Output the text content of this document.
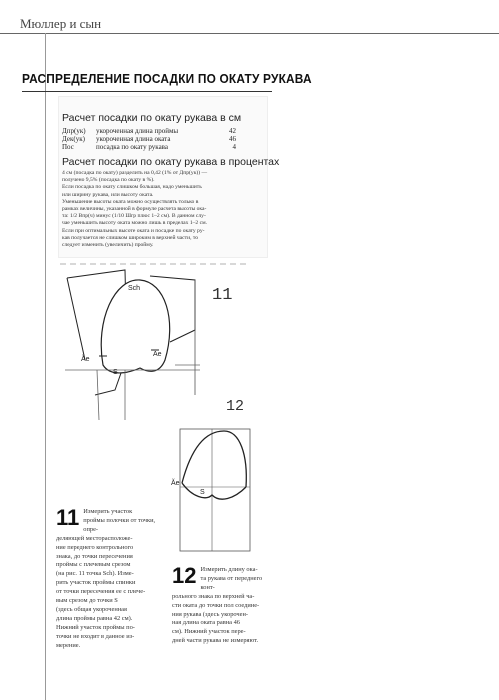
Мюллер и сын
РАСПРЕДЕЛЕНИЕ ПОСАДКИ ПО ОКАТУ РУКАВА
Расчет посадки по окату рукава в см
Дпр(ук)	укороченная длина проймы	42
Дек(ук)	укороченная длина оката	46
Пос	посадка по окату рукава	4
Расчет посадки по окату рукава в процентах
4 см (посадка по окату) разделить на 0,42 (1% от Дпр(ук)) —
получено 9,5% (посадка по окату в %).
Если посадка по окату слишком большая, надо уменьшить
или ширину рукава, или высоту оката.
Уменьшение высоты оката можно осуществлять только в
рамках величины, указанной в формуле расчета высоты ока-
та: 1/2 Впр(ч) минус (1/10 Шгр плюс 1–2 см). В данном слу-
чае уменьшить высоту оката можно лишь в пределах 1–2 см.
Если при оптимальных высоте оката и посадке по окату ру-
кав получается не слишком широким в верхней части, то
следует изменить (увеличить) пройму.
Sch
Ӑe
Ӑe
S
11
12
Ӑe
S
11 Измерить участок
проймы полочки от точки, опре-
деляющей месторасположе-
ние переднего контрольного
знака, до точки пересечения
проймы с плечевым срезом
(на рис. 11 точка Sch). Изме-
рить участок проймы спинки
от точки пересечения ее с плече-
вым срезом до точки S
(здесь общая укороченная
длина проймы равна 42 см).
Нижний участок проймы по-
точки не входит в данное из-
мерение.
12 Измерить длину ока-
та рукава от переднего конт-
рольного знака по верхней ча-
сти оката до точки пол соедине-
ния рукава (здесь укорочен-
ная длина оката равна 46
см). Нижний участок пере-
дней части рукава не измеряют.
